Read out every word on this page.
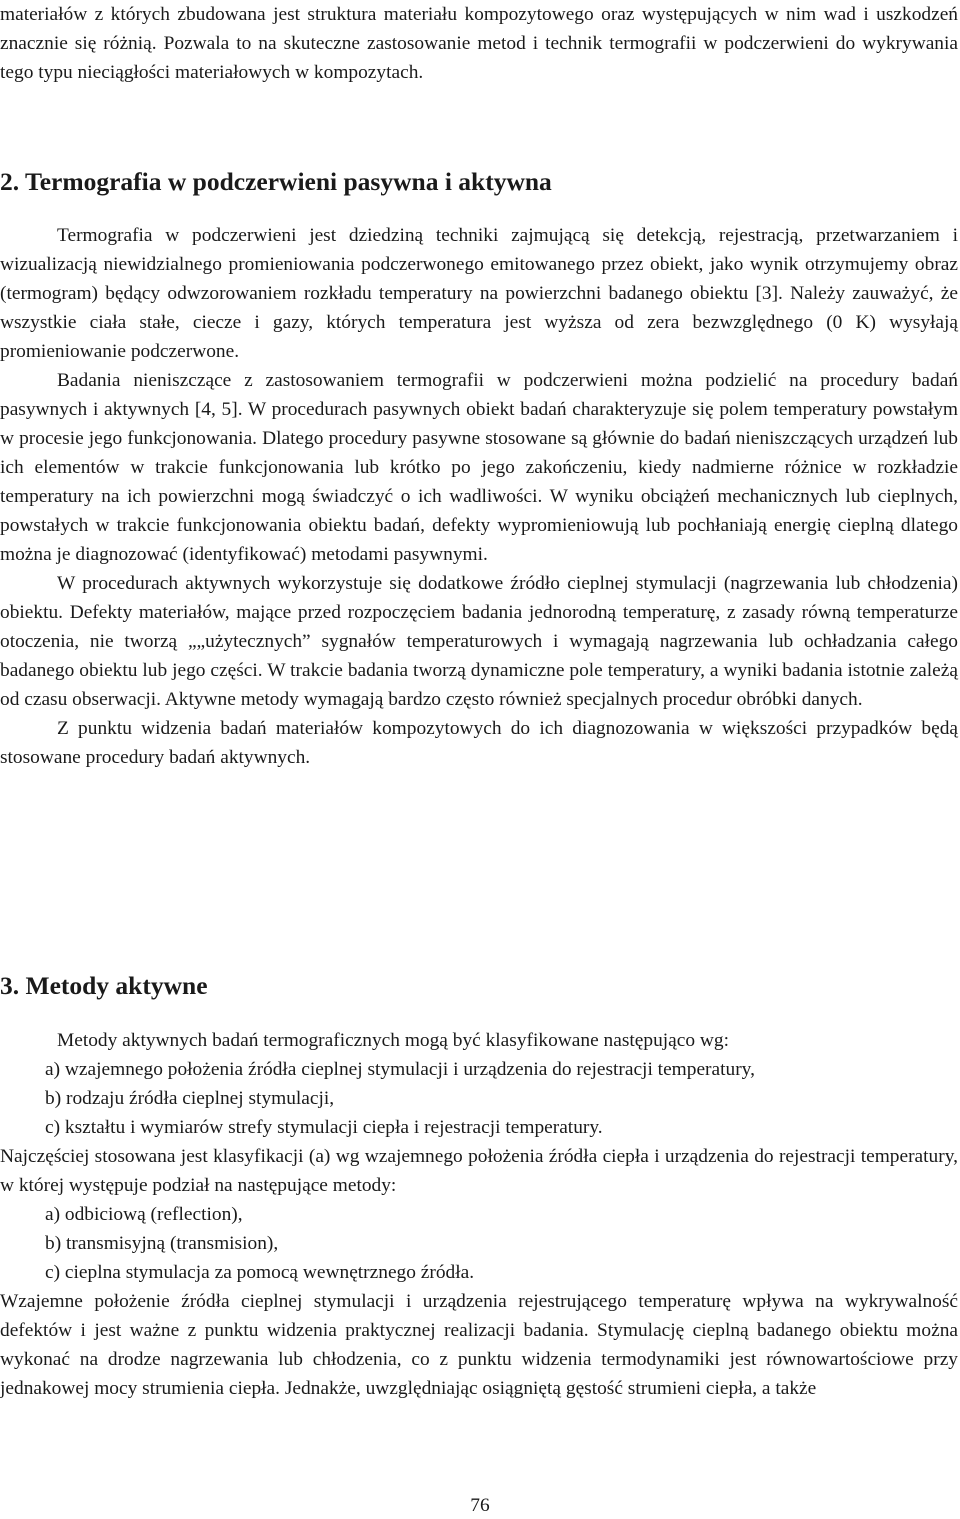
materiałów z których zbudowana jest struktura materiału kompozytowego oraz występujących w nim wad i uszkodzeń znacznie się różnią. Pozwala to na skuteczne zastosowanie metod i technik termografii w podczerwieni do wykrywania tego typu nieciągłości materiałowych w kompozytach.

2. Termografia w podczerwieni pasywna i aktywna

Termografia w podczerwieni jest dziedziną techniki zajmującą się detekcją, rejestracją, przetwarzaniem i wizualizacją niewidzialnego promieniowania podczerwonego emitowanego przez obiekt, jako wynik otrzymujemy obraz (termogram) będący odwzorowaniem rozkładu temperatury na powierzchni badanego obiektu [3]. Należy zauważyć, że wszystkie ciała stałe, ciecze i gazy, których temperatura jest wyższa od zera bezwzględnego (0 K) wysyłają promieniowanie podczerwone.

Badania nieniszczące z zastosowaniem termografii w podczerwieni można podzielić na procedury badań pasywnych i aktywnych [4, 5]. W procedurach pasywnych obiekt badań charakteryzuje się polem temperatury powstałym w procesie jego funkcjonowania. Dlatego procedury pasywne stosowane są głównie do badań nieniszczących urządzeń lub ich elementów w trakcie funkcjonowania lub krótko po jego zakończeniu, kiedy nadmierne różnice w rozkładzie temperatury na ich powierzchni mogą świadczyć o ich wadliwości. W wyniku obciążeń mechanicznych lub cieplnych, powstałych w trakcie funkcjonowania obiektu badań, defekty wypromieniowują lub pochłaniają energię cieplną dlatego można je diagnozować (identyfikować) metodami pasywnymi.

W procedurach aktywnych wykorzystuje się dodatkowe źródło cieplnej stymulacji (nagrzewania lub chłodzenia) obiektu. Defekty materiałów, mające przed rozpoczęciem badania jednorodną temperaturę, z zasady równą temperaturze otoczenia, nie tworzą „„użytecznych” sygnałów temperaturowych i wymagają nagrzewania lub ochładzania całego badanego obiektu lub jego części. W trakcie badania tworzą dynamiczne pole temperatury, a wyniki badania istotnie zależą od czasu obserwacji. Aktywne metody wymagają bardzo często również specjalnych procedur obróbki danych.

Z punktu widzenia badań materiałów kompozytowych do ich diagnozowania w większości przypadków będą stosowane procedury badań aktywnych.

3. Metody aktywne

Metody aktywnych badań termograficznych mogą być klasyfikowane następująco wg:

a) wzajemnego położenia źródła cieplnej stymulacji i urządzenia do rejestracji temperatury,

b) rodzaju źródła cieplnej stymulacji,

c) kształtu i wymiarów strefy stymulacji ciepła i rejestracji temperatury.

Najczęściej stosowana jest klasyfikacji (a) wg wzajemnego położenia źródła ciepła i urządzenia do rejestracji temperatury, w której występuje podział na następujące metody:

a) odbiciową (reflection),

b) transmisyjną (transmision),

c) cieplna stymulacja za pomocą wewnętrznego źródła.

Wzajemne położenie źródła cieplnej stymulacji i urządzenia rejestrującego temperaturę wpływa na wykrywalność defektów i jest ważne z punktu widzenia praktycznej realizacji badania. Stymulację cieplną badanego obiektu można wykonać na drodze nagrzewania lub chłodzenia, co z punktu widzenia termodynamiki jest równowartościowe przy jednakowej mocy strumienia ciepła. Jednakże, uwzględniając osiągniętą gęstość strumieni ciepła, a także

76
